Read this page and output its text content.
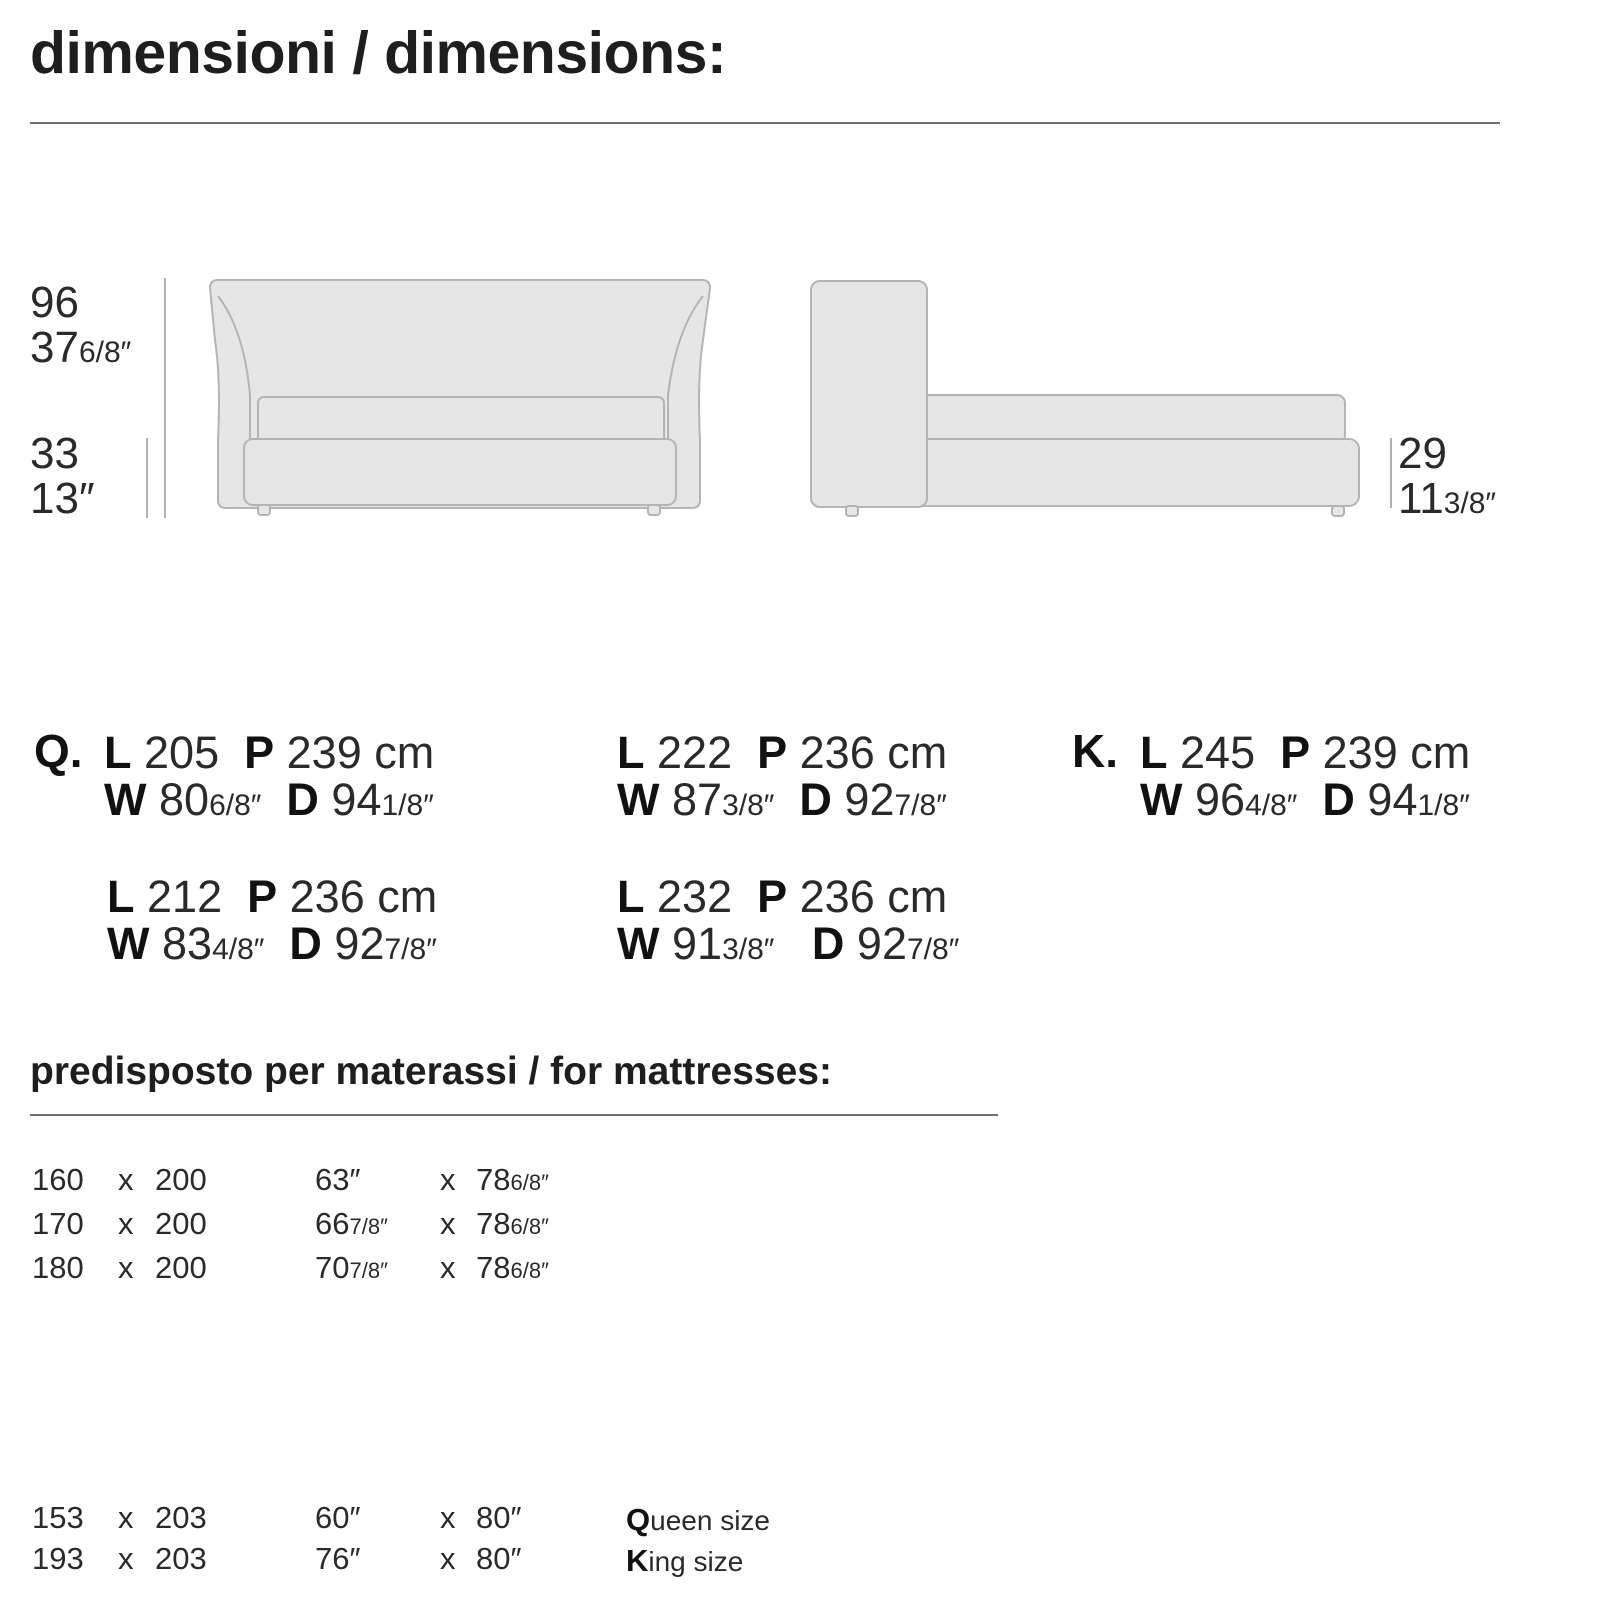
dimensioni / dimensions:
96
376/8″
33
13″
29
113/8″
Q. L 205 P 239 cm
W 806/8″ D 941/8″
L 222 P 236 cm
W 873/8″ D 927/8″
K. L 245 P 239 cm
W 964/8″ D 941/8″
L 212 P 236 cm
W 834/8″ D 927/8″
L 232 P 236 cm
W 913/8″ D 927/8″
predisposto per materassi / for mattresses:
160 x 200	63″	x 786/8″
170 x 200	667/8″ x 786/8″
180 x 200	707/8″ x 786/8″
153 x 203	60″	x 80″	Queen size
193 x 203	76″	x 80″	King size
